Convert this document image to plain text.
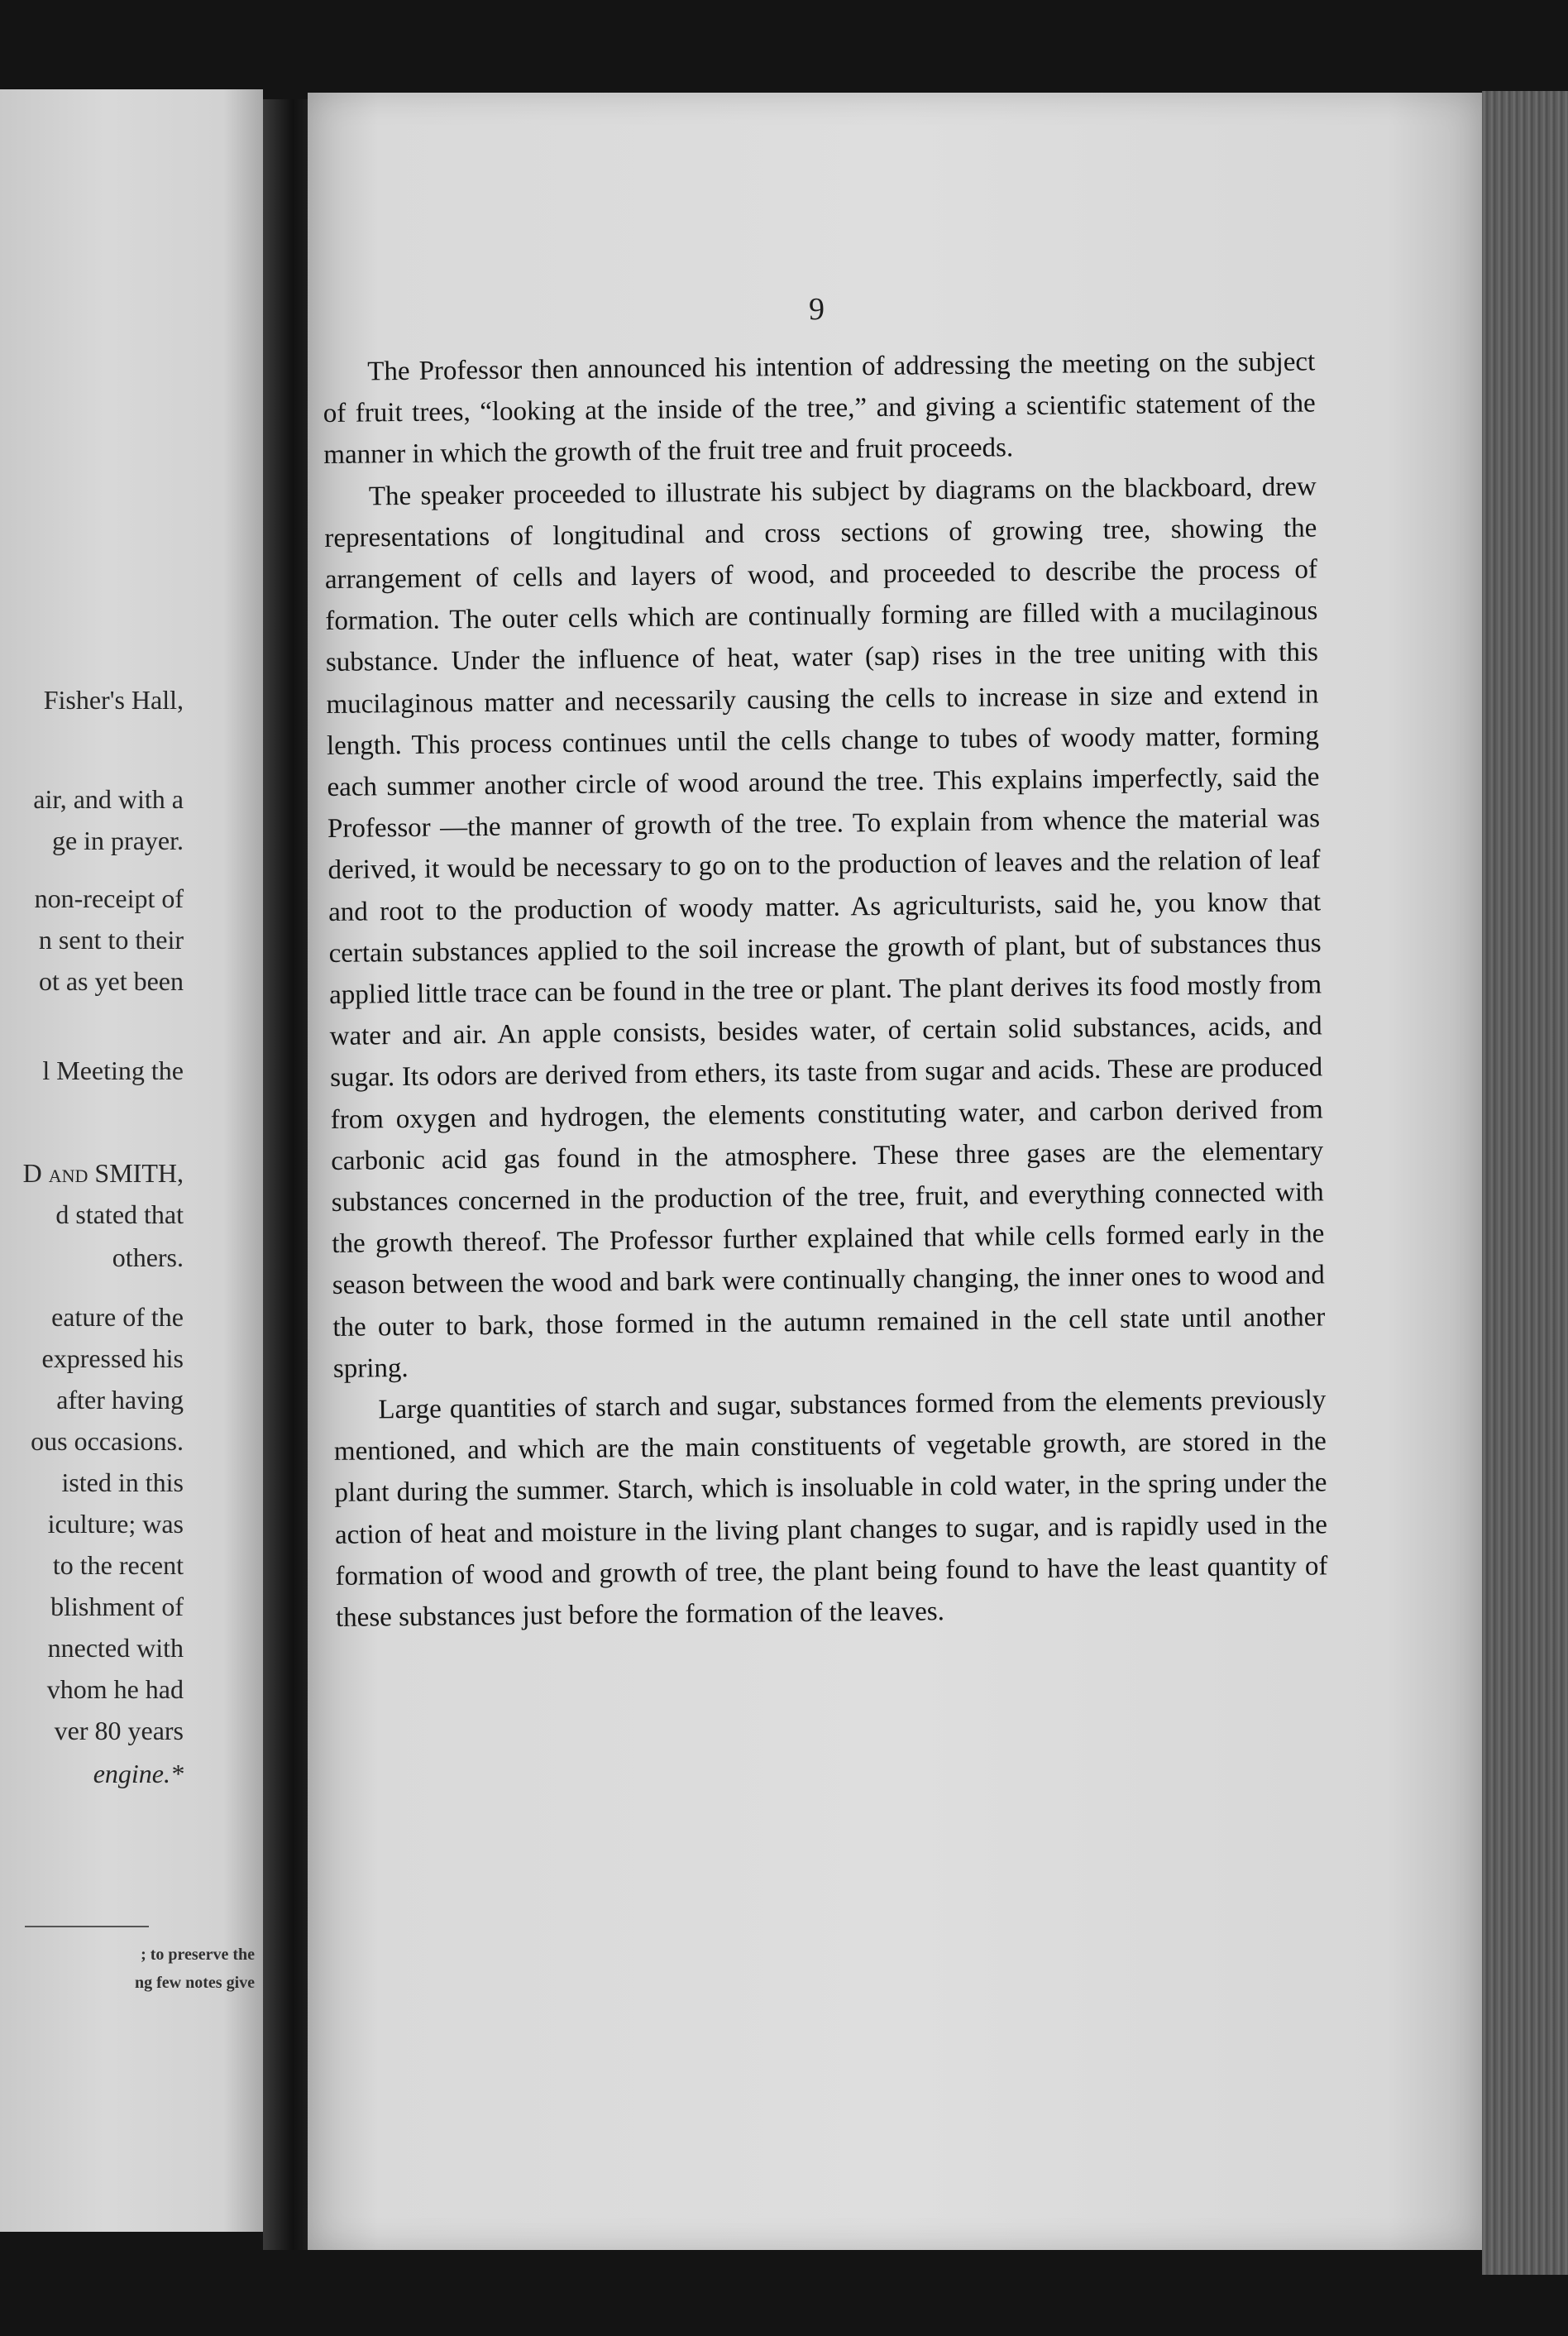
Fisher's Hall,
air, and with a
ge in prayer.
non-receipt of
n sent to their
ot as yet been
l Meeting the
D and SMITH,
d stated that
others.
eature of the
expressed his
after having
ous occasions.
isted in this
iculture; was
to the recent
blishment of
nnected with
vhom he had
ver 80 years
engine.*
; to preserve the
ng few notes give
9

The Professor then announced his intention of addressing the meeting on the subject of fruit trees, “looking at the inside of the tree,” and giving a scientific statement of the manner in which the growth of the fruit tree and fruit proceeds.

The speaker proceeded to illustrate his subject by diagrams on the blackboard, drew representations of longitudinal and cross sections of growing tree, showing the arrangement of cells and layers of wood, and proceeded to describe the process of formation. The outer cells which are continually forming are filled with a mucilaginous substance. Under the influence of heat, water (sap) rises in the tree uniting with this mucilaginous matter and necessarily causing the cells to increase in size and extend in length. This process continues until the cells change to tubes of woody matter, forming each summer another circle of wood around the tree. This explains imperfectly, said the Professor —the manner of growth of the tree. To explain from whence the material was derived, it would be necessary to go on to the production of leaves and the relation of leaf and root to the production of woody matter. As agriculturists, said he, you know that certain substances applied to the soil increase the growth of plant, but of substances thus applied little trace can be found in the tree or plant. The plant derives its food mostly from water and air. An apple consists, besides water, of certain solid substances, acids, and sugar. Its odors are derived from ethers, its taste from sugar and acids. These are produced from oxygen and hydrogen, the elements constituting water, and carbon derived from carbonic acid gas found in the atmosphere. These three gases are the elementary substances concerned in the production of the tree, fruit, and everything connected with the growth thereof. The Professor further explained that while cells formed early in the season between the wood and bark were continually changing, the inner ones to wood and the outer to bark, those formed in the autumn remained in the cell state until another spring.

Large quantities of starch and sugar, substances formed from the elements previously mentioned, and which are the main constituents of vegetable growth, are stored in the plant during the summer. Starch, which is insoluable in cold water, in the spring under the action of heat and moisture in the living plant changes to sugar, and is rapidly used in the formation of wood and growth of tree, the plant being found to have the least quantity of these substances just before the formation of the leaves.
